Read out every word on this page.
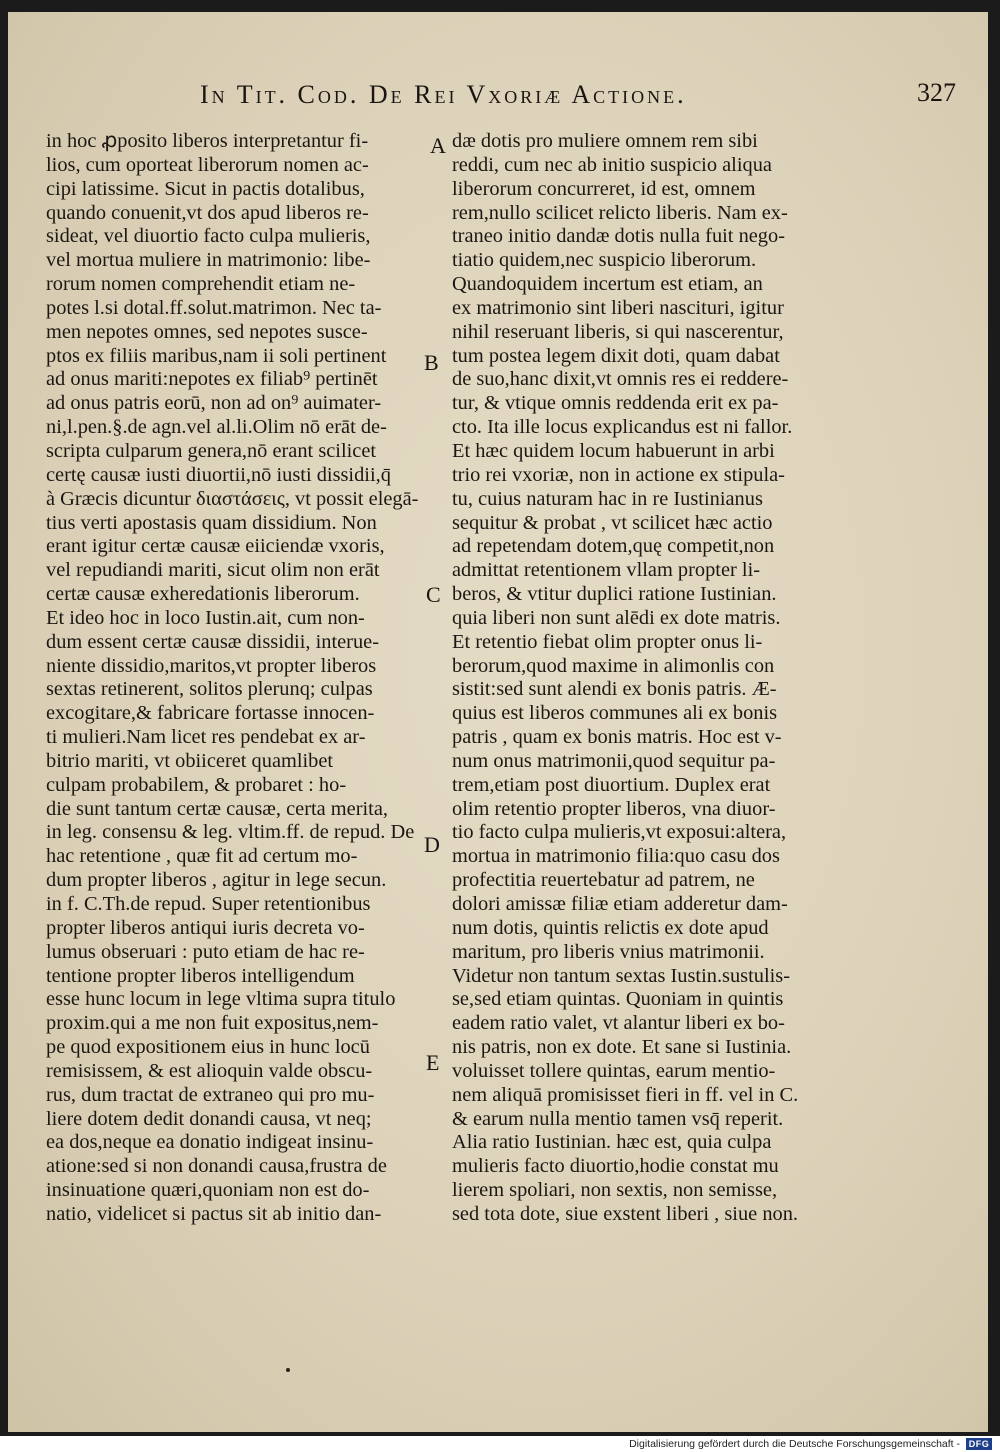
In Tit. Cod. De Rei Vxoriæ Actione.	327
in hoc ꝓposito liberos interpretantur fi-
lios, cum oporteat liberorum nomen ac-
cipi latissime. Sicut in pactis dotalibus,
quando conuenit,vt dos apud liberos re-
sideat, vel diuortio facto culpa mulieris,
vel mortua muliere in matrimonio: libe-
rorum nomen comprehendit etiam ne-
potes l.si dotal.ff.solut.matrimon. Nec ta-
men nepotes omnes, sed nepotes susce-
ptos ex filiis maribus,nam ii soli pertinent
ad onus mariti:nepotes ex filiab⁹ pertinēt
ad onus patris eorū, non ad on⁹ auimater-
ni,l.pen.§.de agn.vel al.li.Olim nō erāt de-
scripta culparum genera,nō erant scilicet
certę causæ iusti diuortii,nō iusti dissidii,q̄
à Græcis dicuntur διαστάσεις, vt possit elegā-
tius verti apostasis quam dissidium. Non
erant igitur certæ causæ eiiciendæ vxoris,
vel repudiandi mariti, sicut olim non erāt
certæ causæ exheredationis liberorum.
Et ideo hoc in loco Iustin.ait, cum non-
dum essent certæ causæ dissidii, interue-
niente dissidio,maritos,vt propter liberos
sextas retinerent, solitos plerunq; culpas
excogitare,& fabricare fortasse innocen-
ti mulieri.Nam licet res pendebat ex ar-
bitrio mariti, vt obiiceret quamlibet
culpam probabilem, & probaret : ho-
die sunt tantum certæ causæ, certa merita,
in leg. consensu & leg. vltim.ff. de repud. De
hac retentione , quæ fit ad certum mo-
dum propter liberos , agitur in lege secun.
in f. C.Th.de repud. Super retentionibus
propter liberos antiqui iuris decreta vo-
lumus obseruari : puto etiam de hac re-
tentione propter liberos intelligendum
esse hunc locum in lege vltima supra titulo
proxim.qui a me non fuit expositus,nem-
pe quod expositionem eius in hunc locū
remisissem, & est alioquin valde obscu-
rus, dum tractat de extraneo qui pro mu-
liere dotem dedit donandi causa, vt neq;
ea dos,neque ea donatio indigeat insinu-
atione:sed si non donandi causa,frustra de
insinuatione quæri,quoniam non est do-
natio, videlicet si pactus sit ab initio dan-
dæ dotis pro muliere omnem rem sibi
reddi, cum nec ab initio suspicio aliqua
liberorum concurreret, id est, omnem
rem,nullo scilicet relicto liberis. Nam ex-
traneo initio dandæ dotis nulla fuit nego-
tiatio quidem,nec suspicio liberorum.
Quandoquidem incertum est etiam, an
ex matrimonio sint liberi nascituri, igitur
nihil reseruant liberis, si qui nascerentur,
tum postea legem dixit doti, quam dabat
de suo,hanc dixit,vt omnis res ei reddere-
tur, & vtique omnis reddenda erit ex pa-
cto. Ita ille locus explicandus est ni fallor.
Et hæc quidem locum habuerunt in arbi
trio rei vxoriæ, non in actione ex stipula-
tu, cuius naturam hac in re Iustinianus
sequitur & probat , vt scilicet hæc actio
ad repetendam dotem,quę competit,non
admittat retentionem vllam propter li-
beros, & vtitur duplici ratione Iustinian.
quia liberi non sunt alēdi ex dote matris.
Et retentio fiebat olim propter onus li-
berorum,quod maxime in alimonlis con
sistit:sed sunt alendi ex bonis patris. Æ-
quius est liberos communes ali ex bonis
patris , quam ex bonis matris. Hoc est v-
num onus matrimonii,quod sequitur pa-
trem,etiam post diuortium. Duplex erat
olim retentio propter liberos, vna diuor-
tio facto culpa mulieris,vt exposui:altera,
mortua in matrimonio filia:quo casu dos
profectitia reuertebatur ad patrem, ne
dolori amissæ filiæ etiam adderetur dam-
num dotis, quintis relictis ex dote apud
maritum, pro liberis vnius matrimonii.
Videtur non tantum sextas Iustin.sustulis-
se,sed etiam quintas. Quoniam in quintis
eadem ratio valet, vt alantur liberi ex bo-
nis patris, non ex dote. Et sane si Iustinia.
voluisset tollere quintas, earum mentio-
nem aliquā promisisset fieri in ff. vel in C.
& earum nulla mentio tamen vsq̄ reperit.
Alia ratio Iustinian. hæc est, quia culpa
mulieris facto diuortio,hodie constat mu
lierem spoliari, non sextis, non semisse,
sed tota dote, siue exstent liberi , siue non.
A
B
C
D
E
Digitalisierung gefördert durch die Deutsche Forschungsgemeinschaft - DFG
